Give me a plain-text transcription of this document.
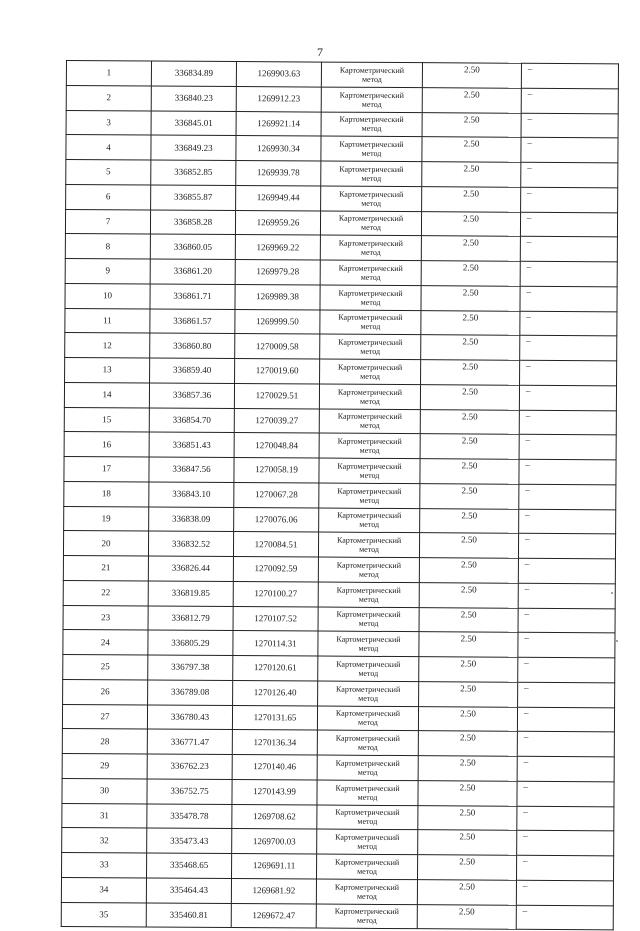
7
1	336834.89	1269903.63	Картометрический
метод	2.50	–
2	336840.23	1269912.23	Картометрический
метод	2.50	–
3	336845.01	1269921.14	Картометрический
метод	2.50	–
4	336849.23	1269930.34	Картометрический
метод	2.50	–
5	336852.85	1269939.78	Картометрический
метод	2.50	–
6	336855.87	1269949.44	Картометрический
метод	2.50	–
7	336858.28	1269959.26	Картометрический
метод	2.50	–
8	336860.05	1269969.22	Картометрический
метод	2.50	–
9	336861.20	1269979.28	Картометрический
метод	2.50	–
10	336861.71	1269989.38	Картометрический
метод	2.50	–
11	336861.57	1269999.50	Картометрический
метод	2.50	–
12	336860.80	1270009.58	Картометрический
метод	2.50	–
13	336859.40	1270019.60	Картометрический
метод	2.50	–
14	336857.36	1270029.51	Картометрический
метод	2.50	–
15	336854.70	1270039.27	Картометрический
метод	2.50	–
16	336851.43	1270048.84	Картометрический
метод	2.50	–
17	336847.56	1270058.19	Картометрический
метод	2.50	–
18	336843.10	1270067.28	Картометрический
метод	2.50	–
19	336838.09	1270076.06	Картометрический
метод	2.50	–
20	336832.52	1270084.51	Картометрический
метод	2.50	–
21	336826.44	1270092.59	Картометрический
метод	2.50	–
22	336819.85	1270100.27	Картометрический
метод	2.50	–
23	336812.79	1270107.52	Картометрический
метод	2.50	–
24	336805.29	1270114.31	Картометрический
метод	2.50	–
25	336797.38	1270120.61	Картометрический
метод	2.50	–
26	336789.08	1270126.40	Картометрический
метод	2.50	–
27	336780.43	1270131.65	Картометрический
метод	2.50	–
28	336771.47	1270136.34	Картометрический
метод	2.50	–
29	336762.23	1270140.46	Картометрический
метод	2.50	–
30	336752.75	1270143.99	Картометрический
метод	2.50	–
31	335478.78	1269708.62	Картометрический
метод	2.50	–
32	335473.43	1269700.03	Картометрический
метод	2.50	–
33	335468.65	1269691.11	Картометрический
метод	2.50	–
34	335464.43	1269681.92	Картометрический
метод	2.50	–
35	335460.81	1269672.47	Картометрический
метод	2.50	–
